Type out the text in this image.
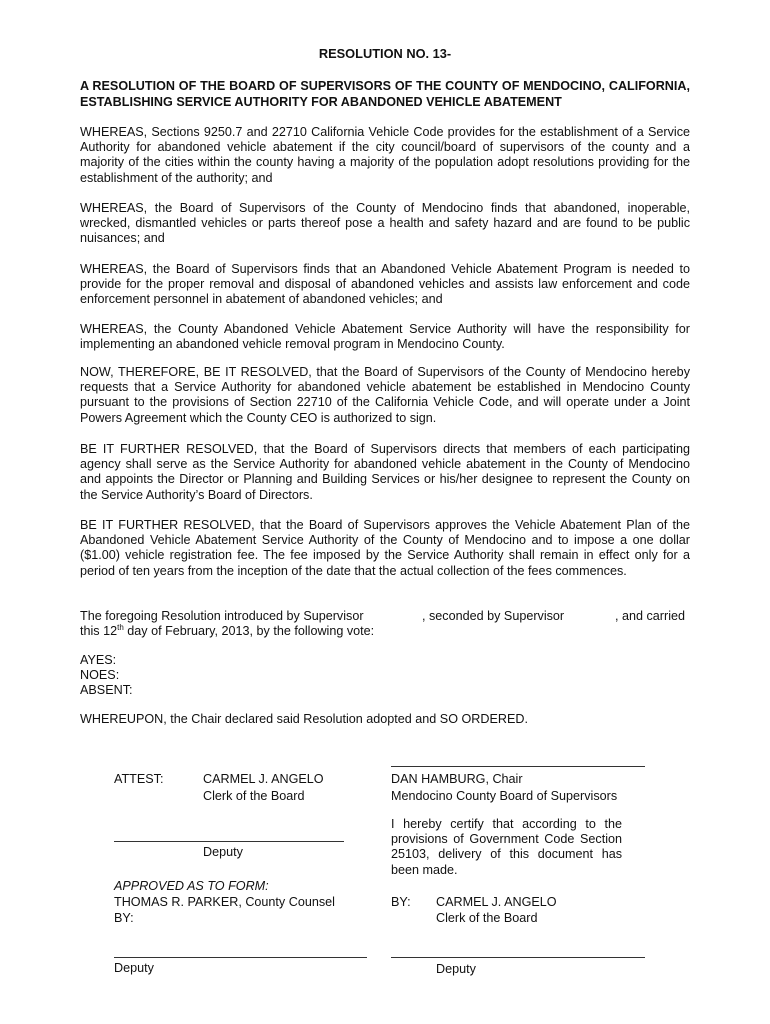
RESOLUTION NO. 13-
A RESOLUTION OF THE BOARD OF SUPERVISORS OF THE COUNTY OF MENDOCINO, CALIFORNIA, ESTABLISHING SERVICE AUTHORITY FOR ABANDONED VEHICLE ABATEMENT
WHEREAS, Sections 9250.7 and 22710 California Vehicle Code provides for the establishment of a Service Authority for abandoned vehicle abatement if the city council/board of supervisors of the county and a majority of the cities within the county having a majority of the population adopt resolutions providing for the establishment of the authority; and
WHEREAS, the Board of Supervisors of the County of Mendocino finds that abandoned, inoperable, wrecked, dismantled vehicles or parts thereof pose a health and safety hazard and are found to be public nuisances; and
WHEREAS, the Board of Supervisors finds that an Abandoned Vehicle Abatement Program is needed to provide for the proper removal and disposal of abandoned vehicles and assists law enforcement and code enforcement personnel in abatement of abandoned vehicles; and
WHEREAS, the County Abandoned Vehicle Abatement Service Authority will have the responsibility for implementing an abandoned vehicle removal program in Mendocino County.
NOW, THEREFORE, BE IT RESOLVED, that the Board of Supervisors of the County of Mendocino hereby requests that a Service Authority for abandoned vehicle abatement be established in Mendocino County pursuant to the provisions of Section 22710 of the California Vehicle Code, and will operate under a Joint Powers Agreement which the County CEO is authorized to sign.
BE IT FURTHER RESOLVED, that the Board of Supervisors directs that members of each participating agency shall serve as the Service Authority for abandoned vehicle abatement in the County of Mendocino and appoints the Director or Planning and Building Services or his/her designee to represent the County on the Service Authority’s Board of Directors.
BE IT FURTHER RESOLVED, that the Board of Supervisors approves the Vehicle Abatement Plan of the Abandoned Vehicle Abatement Service Authority of the County of Mendocino and to impose a one dollar ($1.00) vehicle registration fee. The fee imposed by the Service Authority shall remain in effect only for a period of ten years from the inception of the date that the actual collection of the fees commences.
The foregoing Resolution introduced by Supervisor	, seconded by Supervisor	, and carried
this 12th day of February, 2013, by the following vote:
AYES:
NOES:
ABSENT:
WHEREUPON, the Chair declared said Resolution adopted and SO ORDERED.
ATTEST:	CARMEL J. ANGELO
Clerk of the Board
DAN HAMBURG, Chair
Mendocino County Board of Supervisors
Deputy
I hereby certify that according to the provisions of Government Code Section 25103, delivery of this document has been made.
APPROVED AS TO FORM:
THOMAS R. PARKER, County Counsel
BY:
BY: CARMEL J. ANGELO
Clerk of the Board
Deputy	Deputy
